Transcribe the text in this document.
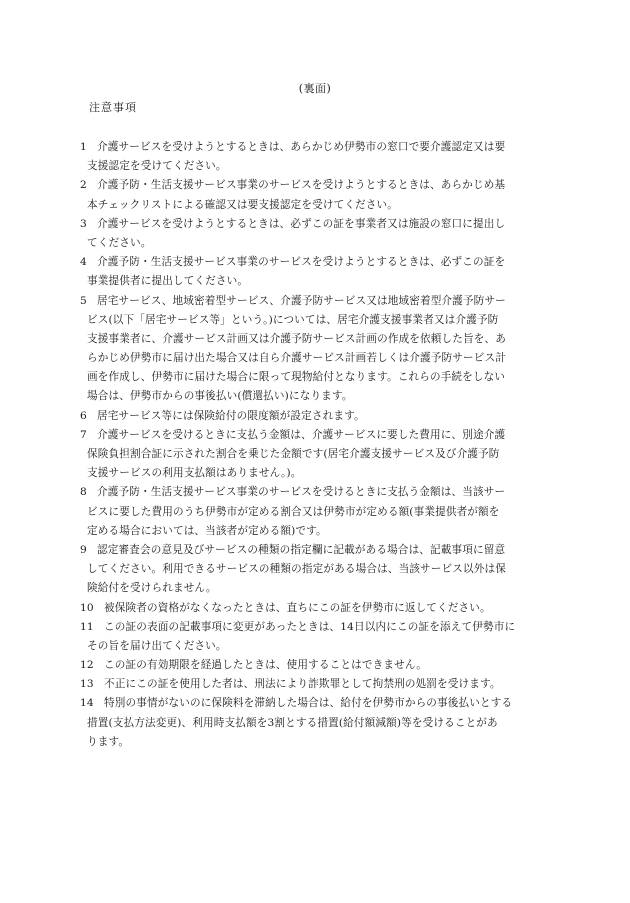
(裏面)
注意事項
1 介護サービスを受けようとするときは、あらかじめ伊勢市の窓口で要介護認定又は要
支援認定を受けてください。
2 介護予防・生活支援サービス事業のサービスを受けようとするときは、あらかじめ基
本チェックリストによる確認又は要支援認定を受けてください。
3 介護サービスを受けようとするときは、必ずこの証を事業者又は施設の窓口に提出し
てください。
4 介護予防・生活支援サービス事業のサービスを受けようとするときは、必ずこの証を
事業提供者に提出してください。
5 居宅サービス、地域密着型サービス、介護予防サービス又は地域密着型介護予防サー
ビス(以下「居宅サービス等」という。)については、居宅介護支援事業者又は介護予防
支援事業者に、介護サービス計画又は介護予防サービス計画の作成を依頼した旨を、あ
らかじめ伊勢市に届け出た場合又は自ら介護サービス計画若しくは介護予防サービス計
画を作成し、伊勢市に届けた場合に限って現物給付となります。これらの手続をしない
場合は、伊勢市からの事後払い(償還払い)になります。
6 居宅サービス等には保険給付の限度額が設定されます。
7 介護サービスを受けるときに支払う金額は、介護サービスに要した費用に、別途介護
保険負担割合証に示された割合を乗じた金額です(居宅介護支援サービス及び介護予防
支援サービスの利用支払額はありません。)。
8 介護予防・生活支援サービス事業のサービスを受けるときに支払う金額は、当該サー
ビスに要した費用のうち伊勢市が定める割合又は伊勢市が定める額(事業提供者が額を
定める場合においては、当該者が定める額)です。
9 認定審査会の意見及びサービスの種類の指定欄に記載がある場合は、記載事項に留意
してください。利用できるサービスの種類の指定がある場合は、当該サービス以外は保
険給付を受けられません。
10 被保険者の資格がなくなったときは、直ちにこの証を伊勢市に返してください。
11 この証の表面の記載事項に変更があったときは、14日以内にこの証を添えて伊勢市に
その旨を届け出てください。
12 この証の有効期限を経過したときは、使用することはできません。
13 不正にこの証を使用した者は、刑法により詐欺罪として拘禁刑の処罰を受けます。
14 特別の事情がないのに保険料を滞納した場合は、給付を伊勢市からの事後払いとする
措置(支払方法変更)、利用時支払額を3割とする措置(給付額減額)等を受けることがあ
ります。
